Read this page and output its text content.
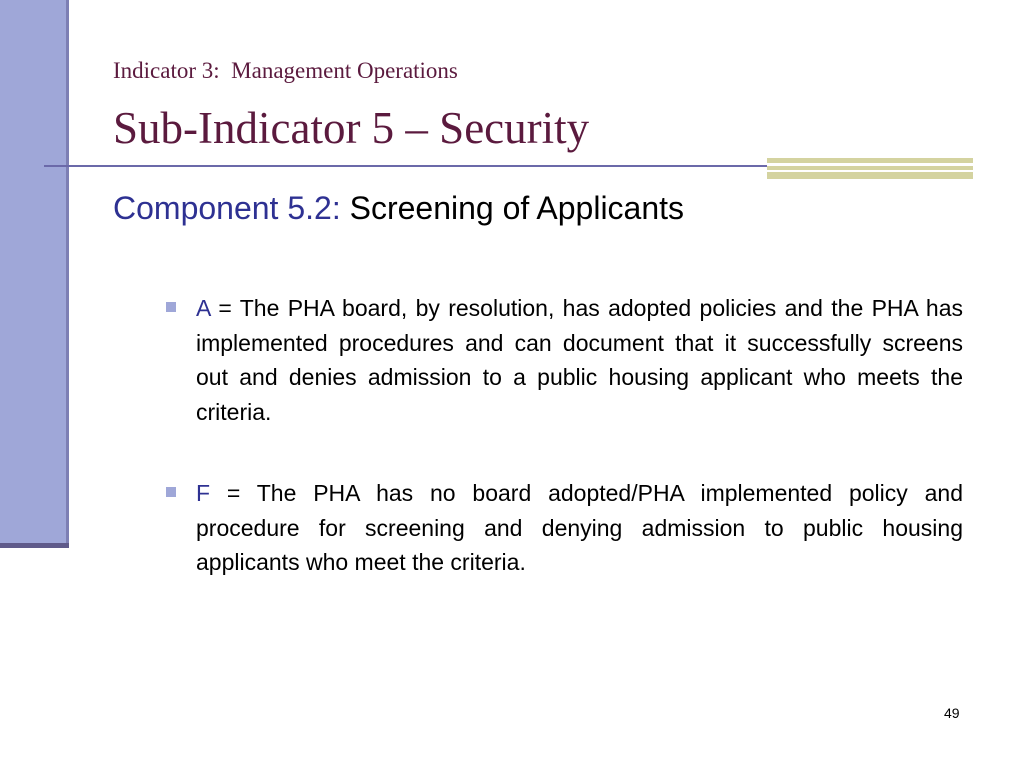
Indicator 3:  Management Operations
Sub-Indicator 5 – Security
Component 5.2: Screening of Applicants
A = The PHA board, by resolution, has adopted policies and the PHA has implemented procedures and can document that it successfully screens out and denies admission to a public housing applicant who meets the criteria.
F = The PHA has no board adopted/PHA implemented policy and procedure for screening and denying admission to public housing applicants who meet the criteria.
49
